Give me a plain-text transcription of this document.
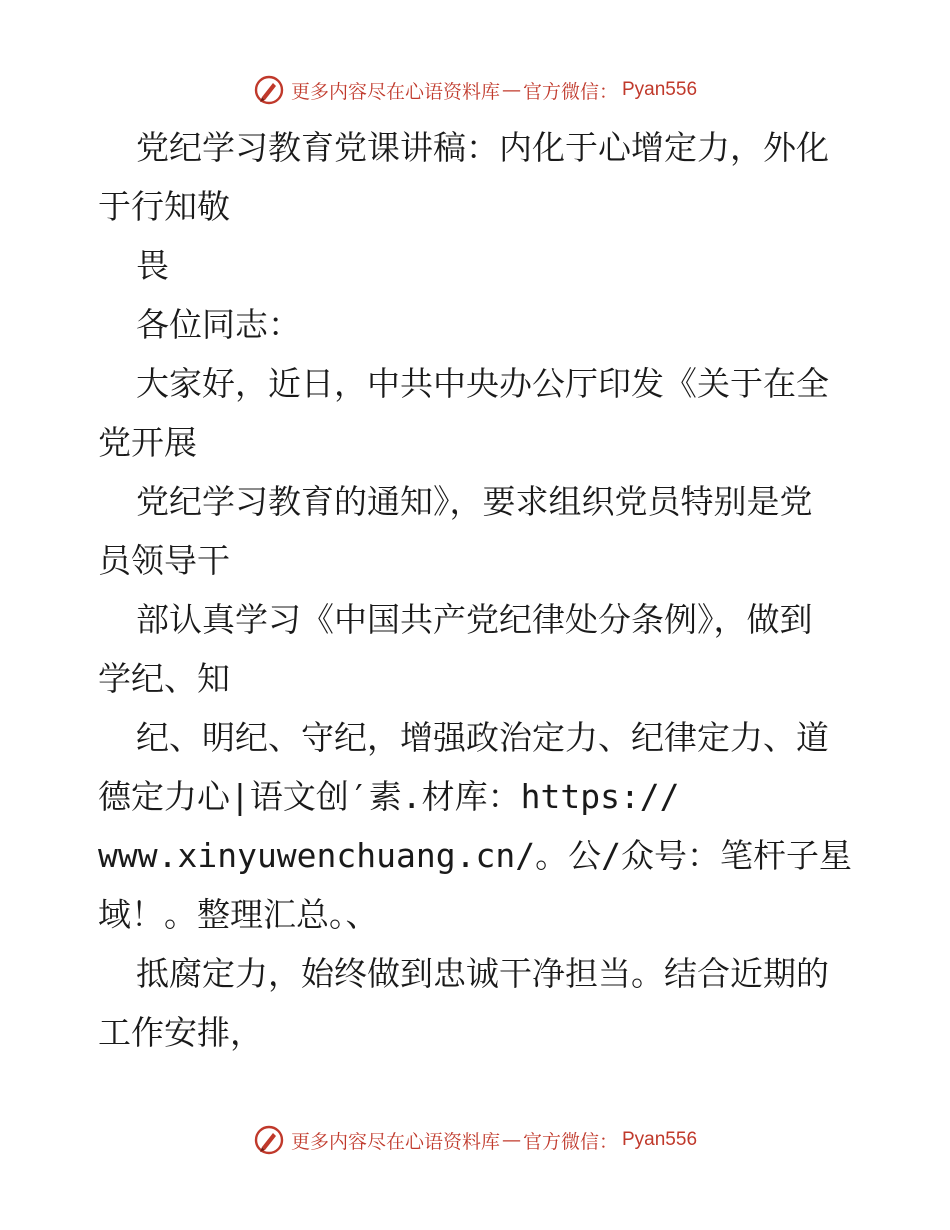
更多内容尽在心语资料库 — 官方微信： Pyan556
党纪学习教育党课讲稿：内化于心增定力，外化
于行知敬
畏
各位同志：
大家好，近日，中共中央办公厅印发《关于在全
党开展
党纪学习教育的通知》，要求组织党员特别是党
员领导干
部认真学习《中国共产党纪律处分条例》，做到
学纪、知
纪、明纪、守纪，增强政治定力、纪律定力、道
德定力心|语文创′素.材库：https://
www.xinyuwenchuang.cn/。公/众号：笔杆子星
域！。整理汇总。、
抵腐定力，始终做到忠诚干净担当。结合近期的
工作安排，
更多内容尽在心语资料库 — 官方微信： Pyan556
